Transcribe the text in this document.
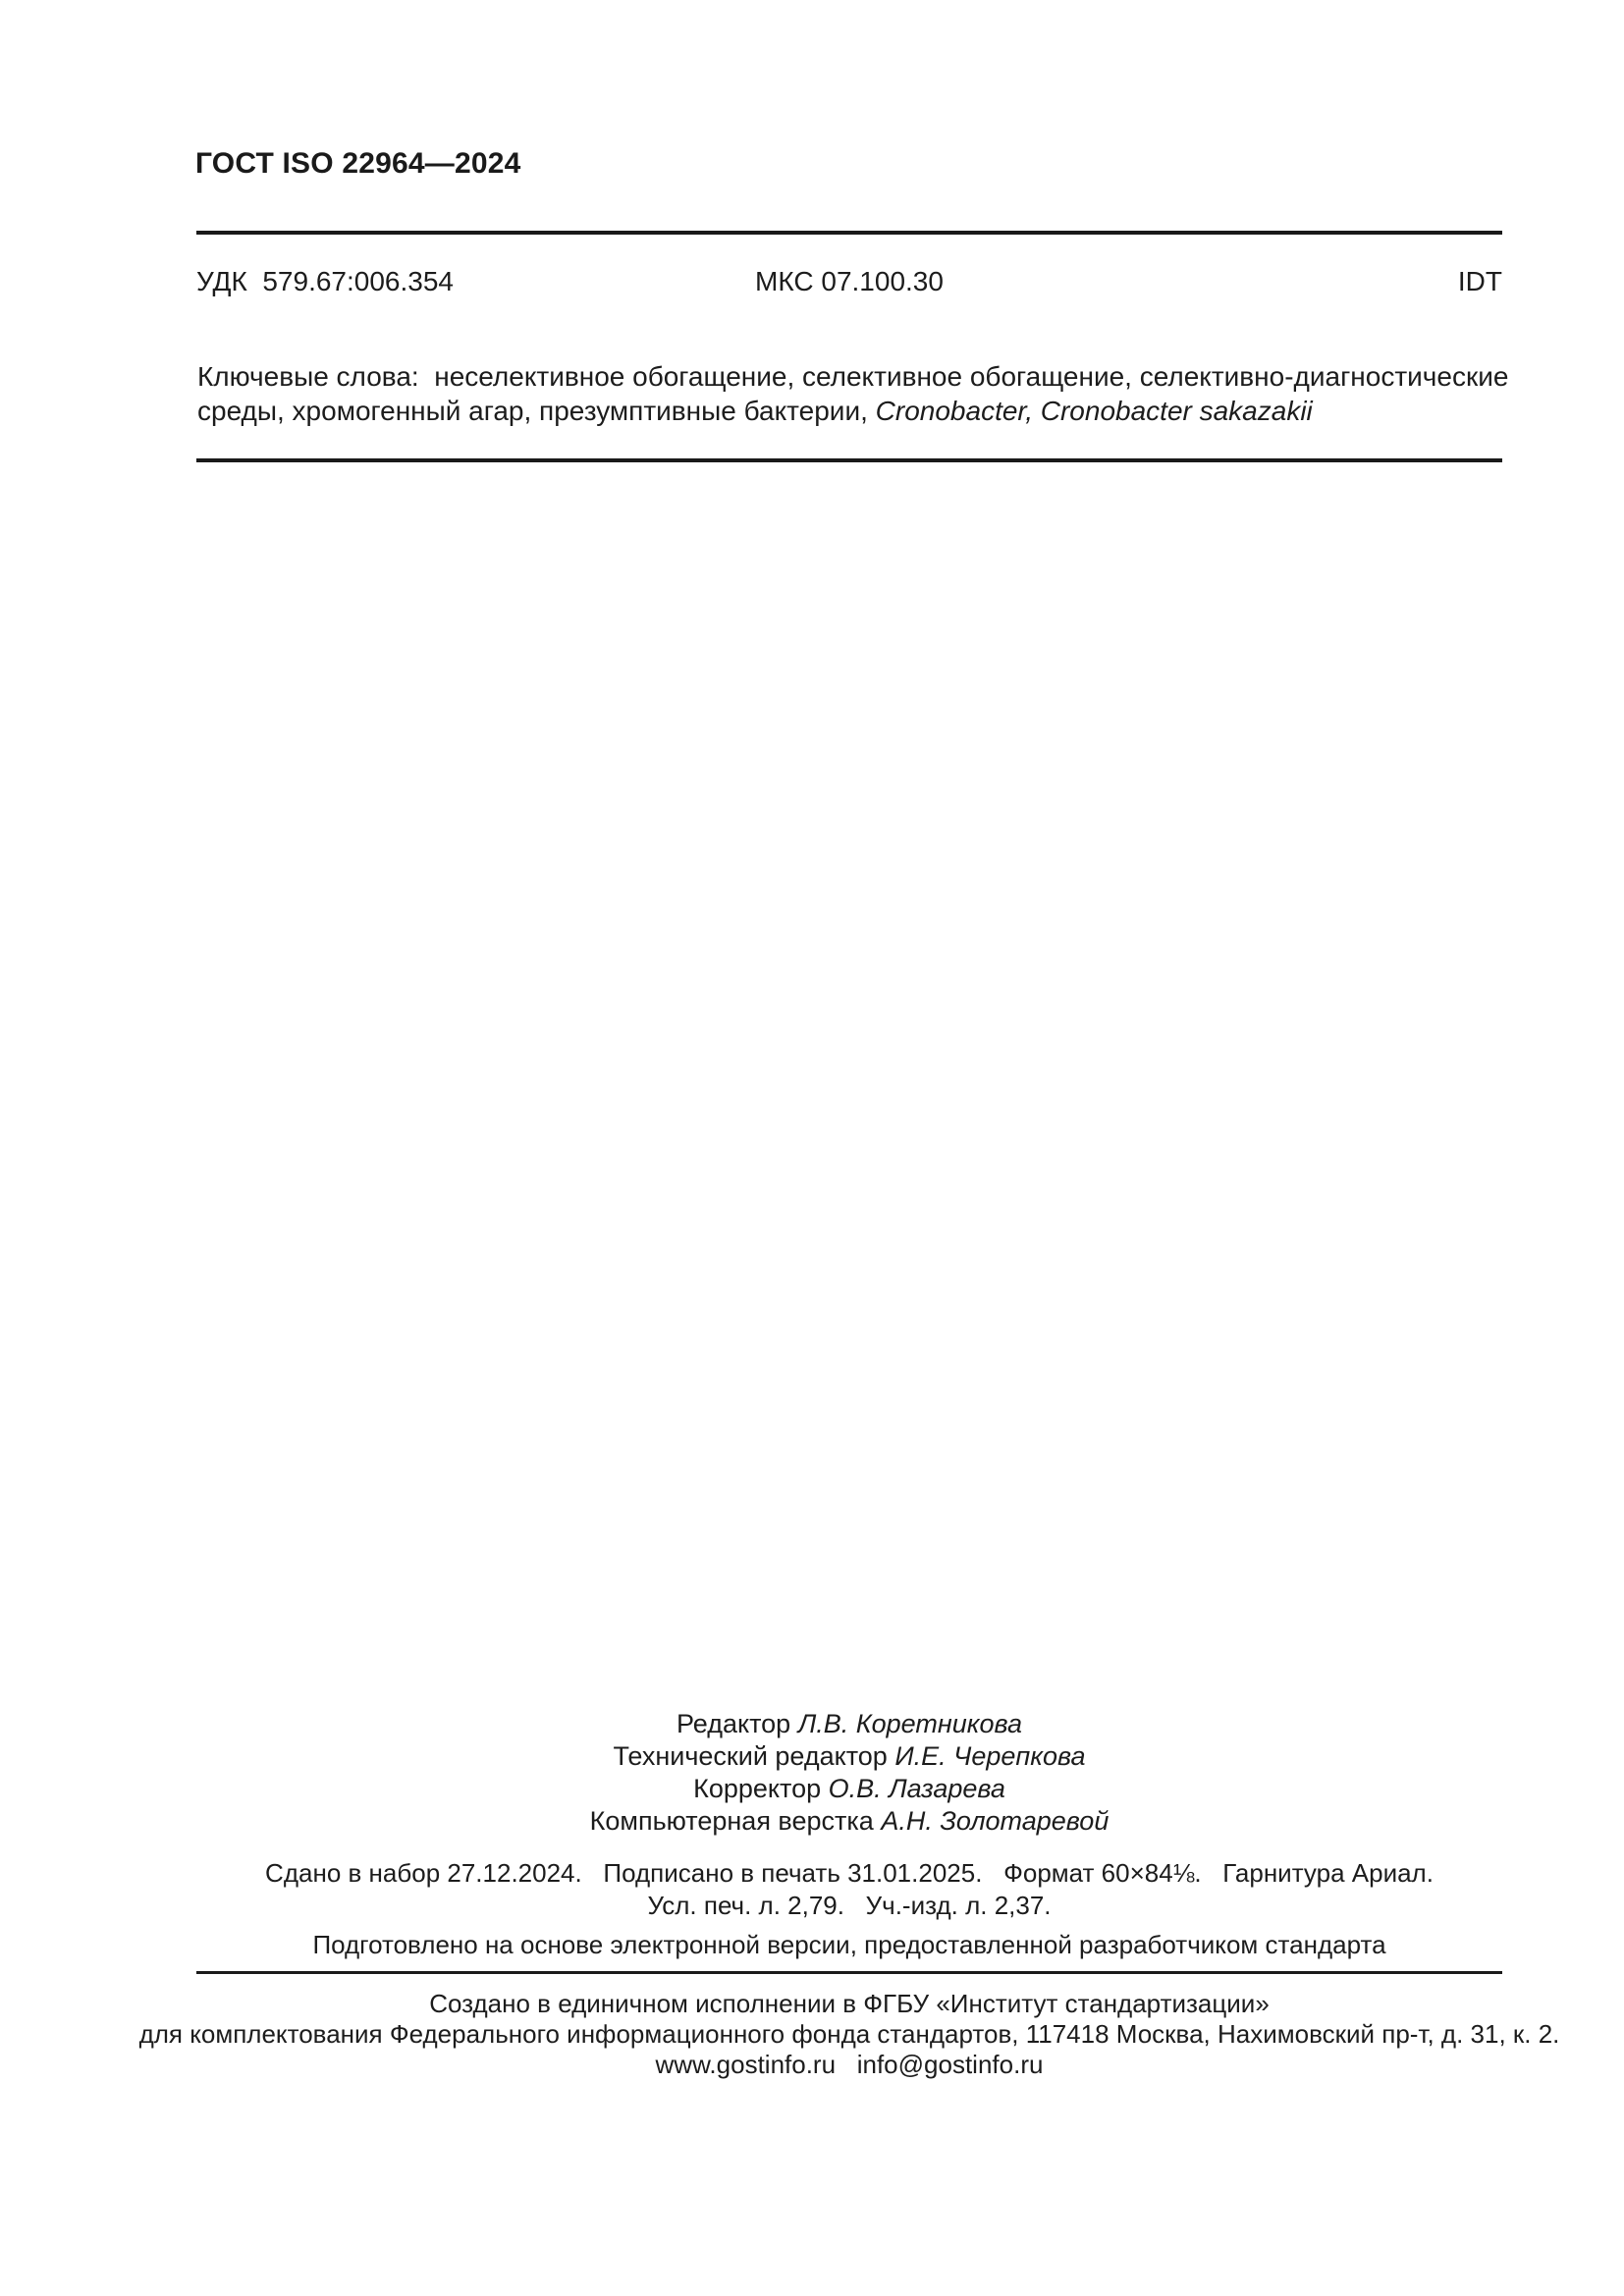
ГОСТ ISO 22964—2024
УДК  579.67:006.354	МКС 07.100.30	IDT
Ключевые слова:  неселективное обогащение, селективное обогащение, селективно-диагностические
среды, хромогенный агар, презумптивные бактерии, Cronobacter, Cronobacter sakazakii
Редактор Л.В. Коретникова
Технический редактор И.Е. Черепкова
Корректор О.В. Лазарева
Компьютерная верстка А.Н. Золотаревой
Сдано в набор 27.12.2024.   Подписано в печать 31.01.2025.   Формат 60×84⅛.   Гарнитура Ариал.
Усл. печ. л. 2,79.   Уч.-изд. л. 2,37.
Подготовлено на основе электронной версии, предоставленной разработчиком стандарта
Создано в единичном исполнении в ФГБУ «Институт стандартизации»
для комплектования Федерального информационного фонда стандартов, 117418 Москва, Нахимовский пр-т, д. 31, к. 2.
www.gostinfo.ru   info@gostinfo.ru
